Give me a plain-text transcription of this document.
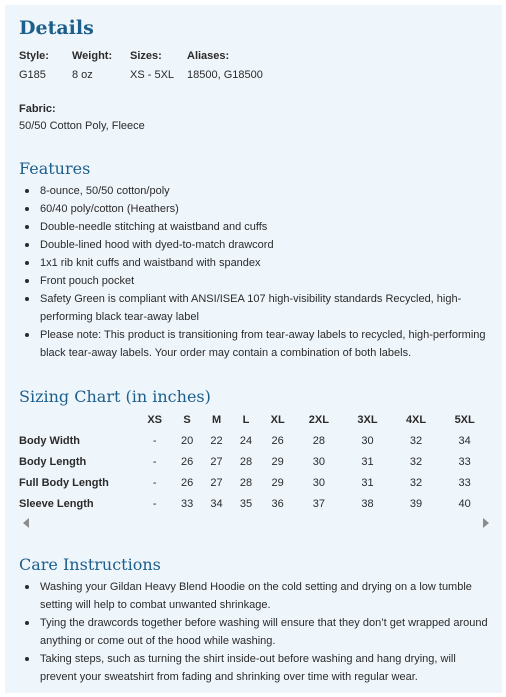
Details
Style:
G185
Weight:
8 oz
Sizes:
XS - 5XL
Aliases:
18500, G18500
Fabric:
50/50 Cotton Poly, Fleece
Features
8-ounce, 50/50 cotton/poly
60/40 poly/cotton (Heathers)
Double-needle stitching at waistband and cuffs
Double-lined hood with dyed-to-match drawcord
1x1 rib knit cuffs and waistband with spandex
Front pouch pocket
Safety Green is compliant with ANSI/ISEA 107 high-visibility standards Recycled, high-performing black tear-away label
Please note: This product is transitioning from tear-away labels to recycled, high-performing black tear-away labels. Your order may contain a combination of both labels.
Sizing Chart (in inches)
	XS	S	M	L	XL	2XL	3XL	4XL	5XL
Body Width	-	20	22	24	26	28	30	32	34
Body Length	-	26	27	28	29	30	31	32	33
Full Body Length	-	26	27	28	29	30	31	32	33
Sleeve Length	-	33	34	35	36	37	38	39	40
Care Instructions
Washing your Gildan Heavy Blend Hoodie on the cold setting and drying on a low tumble setting will help to combat unwanted shrinkage.
Tying the drawcords together before washing will ensure that they don’t get wrapped around anything or come out of the hood while washing.
Taking steps, such as turning the shirt inside-out before washing and hang drying, will prevent your sweatshirt from fading and shrinking over time with regular wear.
